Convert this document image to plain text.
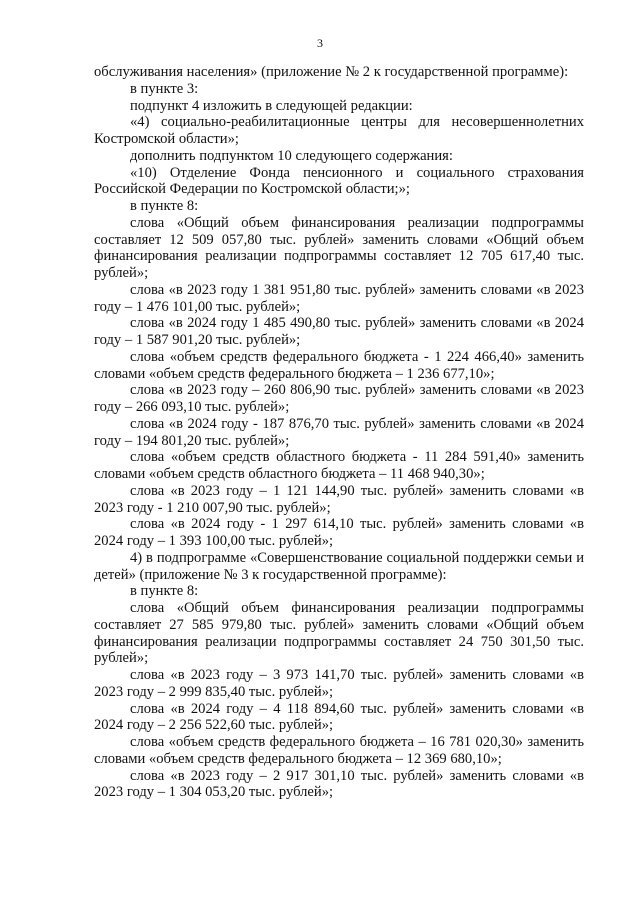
3

обслуживания населения» (приложение № 2 к государственной программе):

в пункте 3:

подпункт 4 изложить в следующей редакции:

«4) социально-реабилитационные центры для несовершеннолетних Костромской области»;

дополнить подпунктом 10 следующего содержания:

«10) Отделение Фонда пенсионного и социального страхования Российской Федерации по Костромской области;»;

в пункте 8:

слова «Общий объем финансирования реализации подпрограммы составляет 12 509 057,80 тыс. рублей» заменить словами «Общий объем финансирования реализации подпрограммы составляет 12 705 617,40 тыс. рублей»;

слова «в 2023 году 1 381 951,80 тыс. рублей» заменить словами «в 2023 году – 1 476 101,00 тыс. рублей»;

слова «в 2024 году 1 485 490,80 тыс. рублей» заменить словами «в 2024 году – 1 587 901,20 тыс. рублей»;

слова «объем средств федерального бюджета - 1 224 466,40» заменить словами «объем средств федерального бюджета – 1 236 677,10»;

слова «в 2023 году – 260 806,90 тыс. рублей» заменить словами «в 2023 году – 266 093,10 тыс. рублей»;

слова «в 2024 году - 187 876,70 тыс. рублей» заменить словами «в 2024 году – 194 801,20 тыс. рублей»;

слова «объем средств областного бюджета - 11 284 591,40» заменить словами «объем средств областного бюджета – 11 468 940,30»;

слова «в 2023 году – 1 121 144,90 тыс. рублей» заменить словами «в 2023 году - 1 210 007,90 тыс. рублей»;

слова «в 2024 году - 1 297 614,10 тыс. рублей» заменить словами «в 2024 году – 1 393 100,00 тыс. рублей»;

4) в подпрограмме «Совершенствование социальной поддержки семьи и детей» (приложение № 3 к государственной программе):

в пункте 8:

слова «Общий объем финансирования реализации подпрограммы составляет 27 585 979,80 тыс. рублей» заменить словами «Общий объем финансирования реализации подпрограммы составляет 24 750 301,50 тыс. рублей»;

слова «в 2023 году – 3 973 141,70 тыс. рублей» заменить словами «в 2023 году – 2 999 835,40 тыс. рублей»;

слова «в 2024 году – 4 118 894,60 тыс. рублей» заменить словами «в 2024 году – 2 256 522,60 тыс. рублей»;

слова «объем средств федерального бюджета – 16 781 020,30» заменить словами «объем средств федерального бюджета – 12 369 680,10»;

слова «в 2023 году – 2 917 301,10 тыс. рублей» заменить словами «в 2023 году – 1 304 053,20 тыс. рублей»;
